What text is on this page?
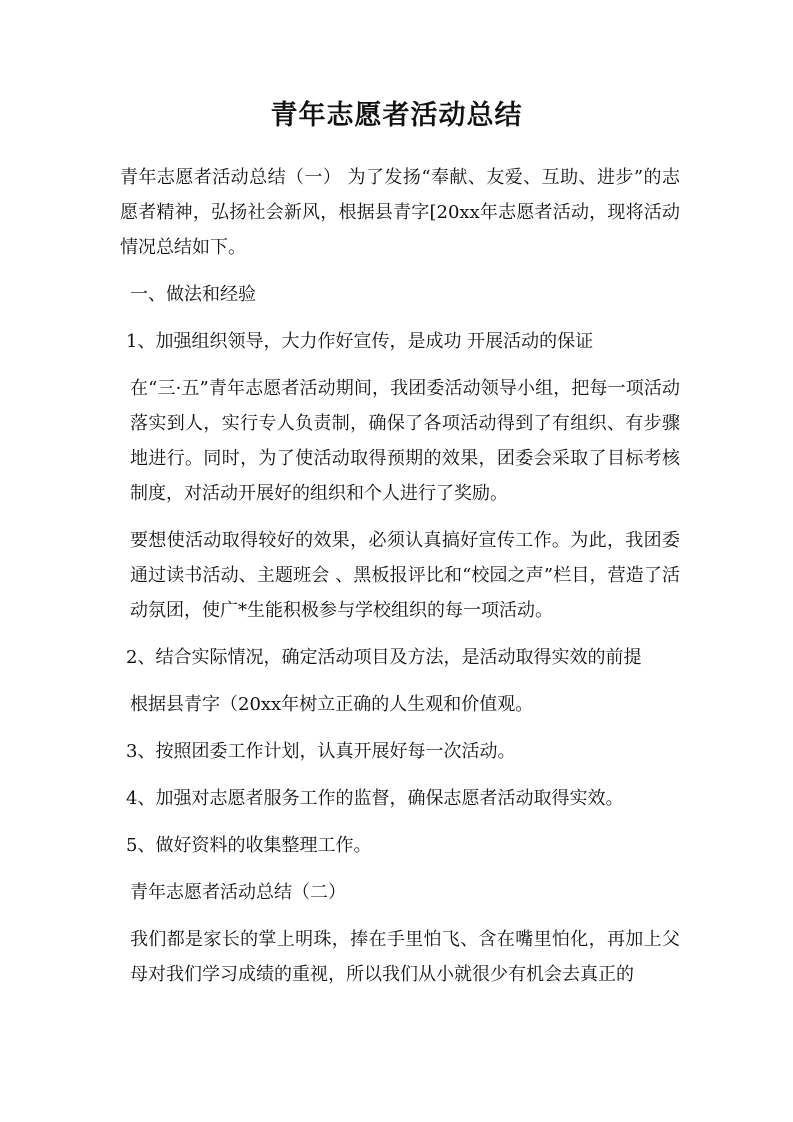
青年志愿者活动总结

青年志愿者活动总结（一） 为了发扬“奉献、友爱、互助、进步”的志愿者精神，弘扬社会新风，根据县青字[20xx年志愿者活动，现将活动情况总结如下。

一、做法和经验

1、加强组织领导，大力作好宣传，是成功 开展活动的保证

在“三·五”青年志愿者活动期间，我团委活动领导小组，把每一项活动落实到人，实行专人负责制，确保了各项活动得到了有组织、有步骤地进行。同时，为了使活动取得预期的效果，团委会采取了目标考核制度，对活动开展好的组织和个人进行了奖励。

要想使活动取得较好的效果，必须认真搞好宣传工作。为此，我团委通过读书活动、主题班会 、黑板报评比和“校园之声”栏目，营造了活动氛团，使广*生能积极参与学校组织的每一项活动。

2、结合实际情况，确定活动项目及方法，是活动取得实效的前提

根据县青字（20xx年树立正确的人生观和价值观。

3、按照团委工作计划，认真开展好每一次活动。

4、加强对志愿者服务工作的监督，确保志愿者活动取得实效。

5、做好资料的收集整理工作。

青年志愿者活动总结（二）

我们都是家长的掌上明珠，捧在手里怕飞、含在嘴里怕化，再加上父母对我们学习成绩的重视，所以我们从小就很少有机会去真正的
